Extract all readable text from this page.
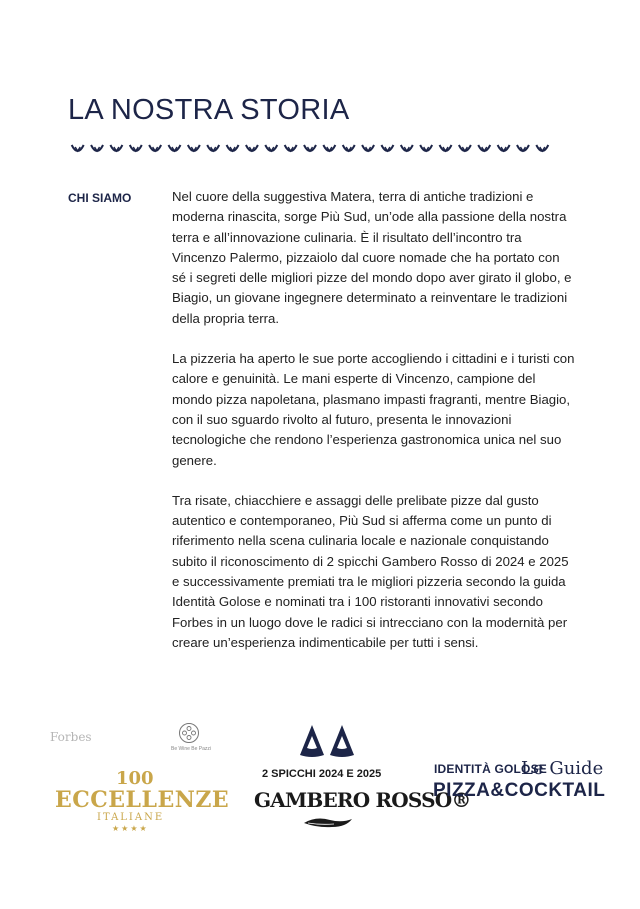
LA NOSTRA STORIA
CHI SIAMO	Nel cuore della suggestiva Matera, terra di antiche tradizioni e moderna rinascita, sorge Più Sud, un’ode alla passione della nostra terra e all’innovazione culinaria. È il risultato dell’incontro tra Vincenzo Palermo, pizzaiolo dal cuore nomade che ha portato con sé i segreti delle migliori pizze del mondo dopo aver girato il globo, e Biagio, un giovane ingegnere determinato a reinventare le tradizioni della propria terra.

La pizzeria ha aperto le sue porte accogliendo i cittadini e i turisti con calore e genuinità. Le mani esperte di Vincenzo, campione del mondo pizza napoletana, plasmano impasti fragranti, mentre Biagio, con il suo sguardo rivolto al futuro, presenta le innovazioni tecnologiche che rendono l’esperienza gastronomica unica nel suo genere.

Tra risate, chiacchiere e assaggi delle prelibate pizze dal gusto autentico e contemporaneo, Più Sud si afferma come un punto di riferimento nella scena culinaria locale e nazionale conquistando subito il riconoscimento di 2 spicchi Gambero Rosso di 2024 e 2025 e successivamente premiati tra le migliori pizzeria secondo la guida Identità Golose e nominati tra i 100 ristoranti innovativi secondo Forbes in un luogo dove le radici si intrecciano con la modernità per creare un’esperienza indimenticabile per tutti i sensi.

Forbes
Be Wine Be Pazzi
100
ECCELLENZE
ITALIANE
★★★★
2 SPICCHI 2024 E 2025
GAMBERO ROSSO®
IDENTITÀ GOLOSE
Le Guide
PIZZA&COCKTAIL
